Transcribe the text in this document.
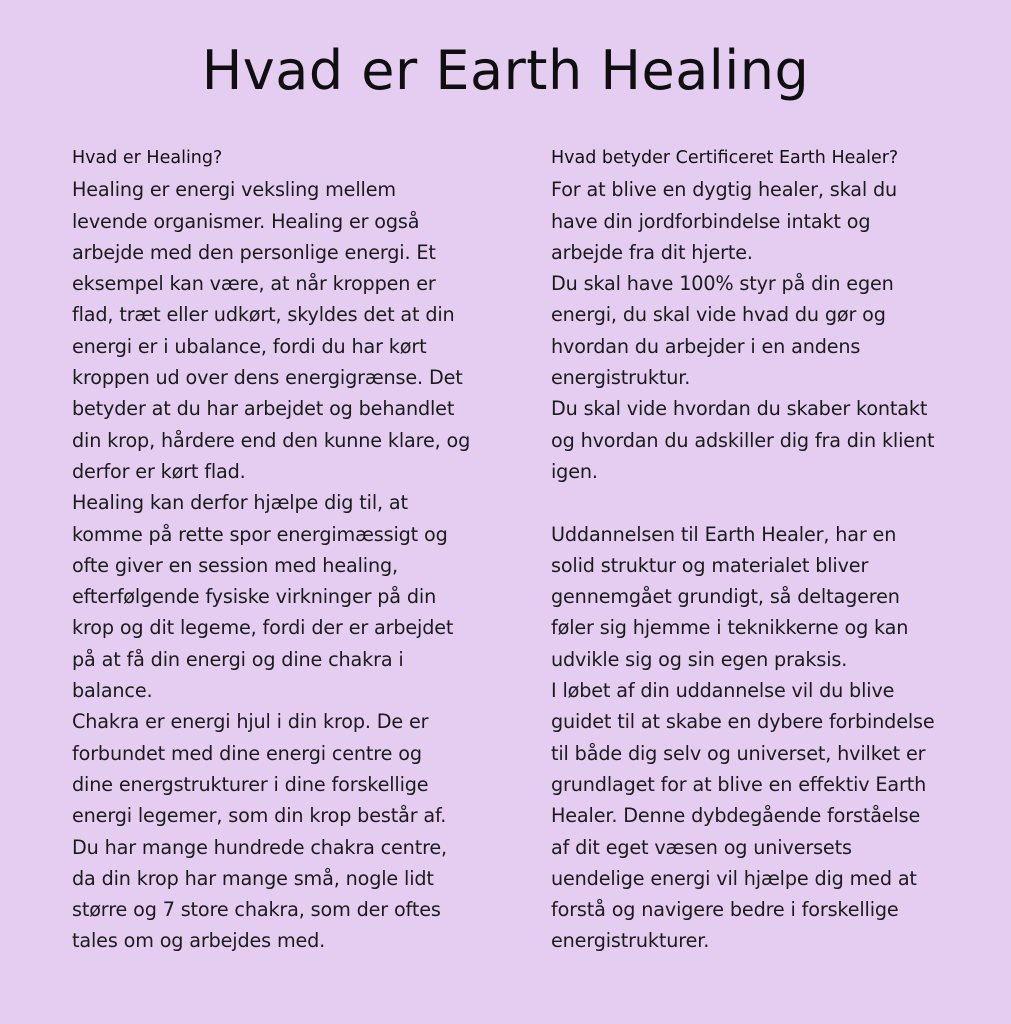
Hvad er Earth Healing

Hvad er Healing?

Healing er energi veksling mellem

levende organismer. Healing er også

arbejde med den personlige energi. Et

eksempel kan være, at når kroppen er

flad, træt eller udkørt, skyldes det at din

energi er i ubalance, fordi du har kørt

kroppen ud over dens energigrænse. Det

betyder at du har arbejdet og behandlet

din krop, hårdere end den kunne klare, og

derfor er kørt flad.

Healing kan derfor hjælpe dig til, at

komme på rette spor energimæssigt og

ofte giver en session med healing,

efterfølgende fysiske virkninger på din

krop og dit legeme, fordi der er arbejdet

på at få din energi og dine chakra i

balance.

Chakra er energi hjul i din krop. De er

forbundet med dine energi centre og

dine energstrukturer i dine forskellige

energi legemer, som din krop består af.

Du har mange hundrede chakra centre,

da din krop har mange små, nogle lidt

større og 7 store chakra, som der oftes

tales om og arbejdes med.

Hvad betyder Certificeret Earth Healer?

For at blive en dygtig healer, skal du

have din jordforbindelse intakt og

arbejde fra dit hjerte.

Du skal have 100% styr på din egen

energi, du skal vide hvad du gør og

hvordan du arbejder i en andens

energistruktur.

Du skal vide hvordan du skaber kontakt

og hvordan du adskiller dig fra din klient

igen.

Uddannelsen til Earth Healer, har en

solid struktur og materialet bliver

gennemgået grundigt, så deltageren

føler sig hjemme i teknikkerne og kan

udvikle sig og sin egen praksis.

I løbet af din uddannelse vil du blive

guidet til at skabe en dybere forbindelse

til både dig selv og universet, hvilket er

grundlaget for at blive en effektiv Earth

Healer. Denne dybdegående forståelse

af dit eget væsen og universets

uendelige energi vil hjælpe dig med at

forstå og navigere bedre i forskellige

energistrukturer.
